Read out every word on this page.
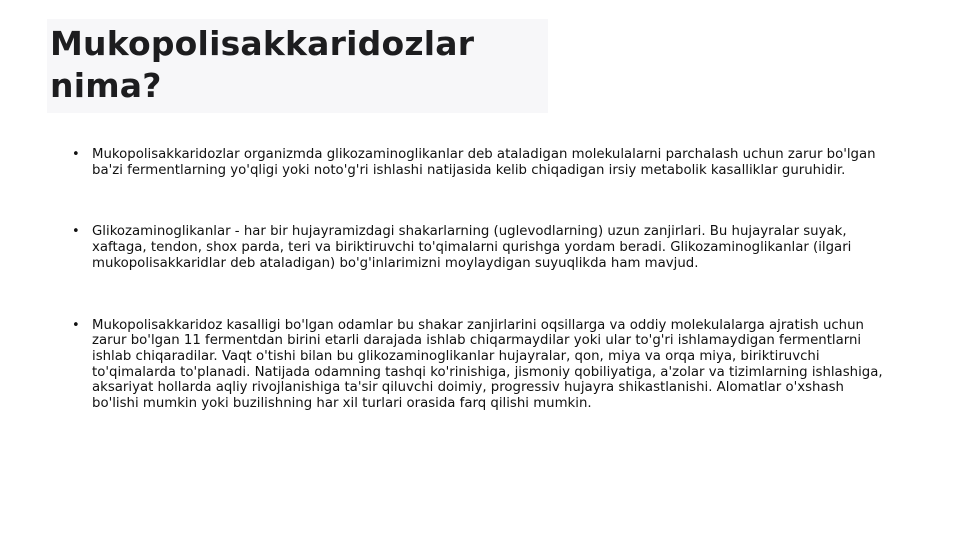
Mukopolisakkaridozlar nima?
• Mukopolisakkaridozlar organizmda glikozaminoglikanlar deb ataladigan molekulalarni parchalash uchun zarur bo'lgan ba'zi fermentlarning yo'qligi yoki noto'g'ri ishlashi natijasida kelib chiqadigan irsiy metabolik kasalliklar guruhidir.
• Glikozaminoglikanlar - har bir hujayramizdagi shakarlarning (uglevodlarning) uzun zanjirlari. Bu hujayralar suyak, xaftaga, tendon, shox parda, teri va biriktiruvchi to'qimalarni qurishga yordam beradi. Glikozaminoglikanlar (ilgari mukopolisakkaridlar deb ataladigan) bo'g'inlarimizni moylaydigan suyuqlikda ham mavjud.
• Mukopolisakkaridoz kasalligi bo'lgan odamlar bu shakar zanjirlarini oqsillarga va oddiy molekulalarga ajratish uchun zarur bo'lgan 11 fermentdan birini etarli darajada ishlab chiqarmaydilar yoki ular to'g'ri ishlamaydigan fermentlarni ishlab chiqaradilar. Vaqt o'tishi bilan bu glikozaminoglikanlar hujayralar, qon, miya va orqa miya, biriktiruvchi to'qimalarda to'planadi. Natijada odamning tashqi ko'rinishiga, jismoniy qobiliyatiga, a'zolar va tizimlarning ishlashiga, aksariyat hollarda aqliy rivojlanishiga ta'sir qiluvchi doimiy, progressiv hujayra shikastlanishi. Alomatlar o'xshash bo'lishi mumkin yoki buzilishning har xil turlari orasida farq qilishi mumkin.
